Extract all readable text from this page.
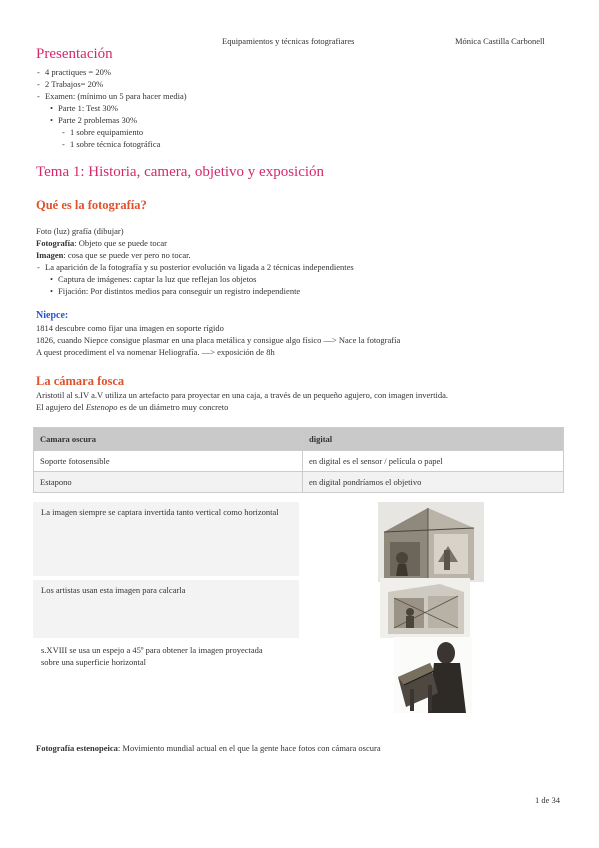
Equipamientos y técnicas fotografiares	Mónica Castilla Carbonell
Presentación
- 4 practiques = 20%
- 2 Trabajos= 20%
- Examen: (mínimo un 5 para hacer media)
• Parte 1: Test 30%
• Parte 2 problemas 30%
- 1 sobre equipamiento
- 1 sobre técnica fotográfica
Tema 1: Historia, camera, objetivo y exposición
Qué es la fotografía?
Foto (luz) grafía (dibujar)
Fotografía: Objeto que se puede tocar
Imagen: cosa que se puede ver pero no tocar.
- La aparición de la fotografía y su posterior evolución va ligada a 2 técnicas independientes
• Captura de imágenes: captar la luz que reflejan los objetos
• Fijación: Por distintos medios para conseguir un registro independiente
Niepce:
1814 descubre como fijar una imagen en soporte rígido
1826, cuando Niepce consigue plasmar en una placa metálica y consigue algo físico —> Nace la fotografía
A quest procediment el va nomenar Heliografía. —> exposición de 8h
La cámara fosca
Aristotil al s.IV a.V utiliza un artefacto para proyectar en una caja, a través de un pequeño agujero, con imagen invertida.
El agujero del Estenopo es de un diámetro muy concreto
Camara oscura	digital
Soporte fotosensible	en digital es el sensor / película o papel
Estapono	en digital pondríamos el objetivo
La imagen siempre se captara invertida tanto vertical como horizontal
Los artistas usan esta imagen para calcarla
s.XVIII se usa un espejo a 45º para obtener la imagen proyectada sobre una superficie horizontal
Fotografía estenopeica: Movimiento mundial actual en el que la gente hace fotos con cámara oscura
1 de 34
